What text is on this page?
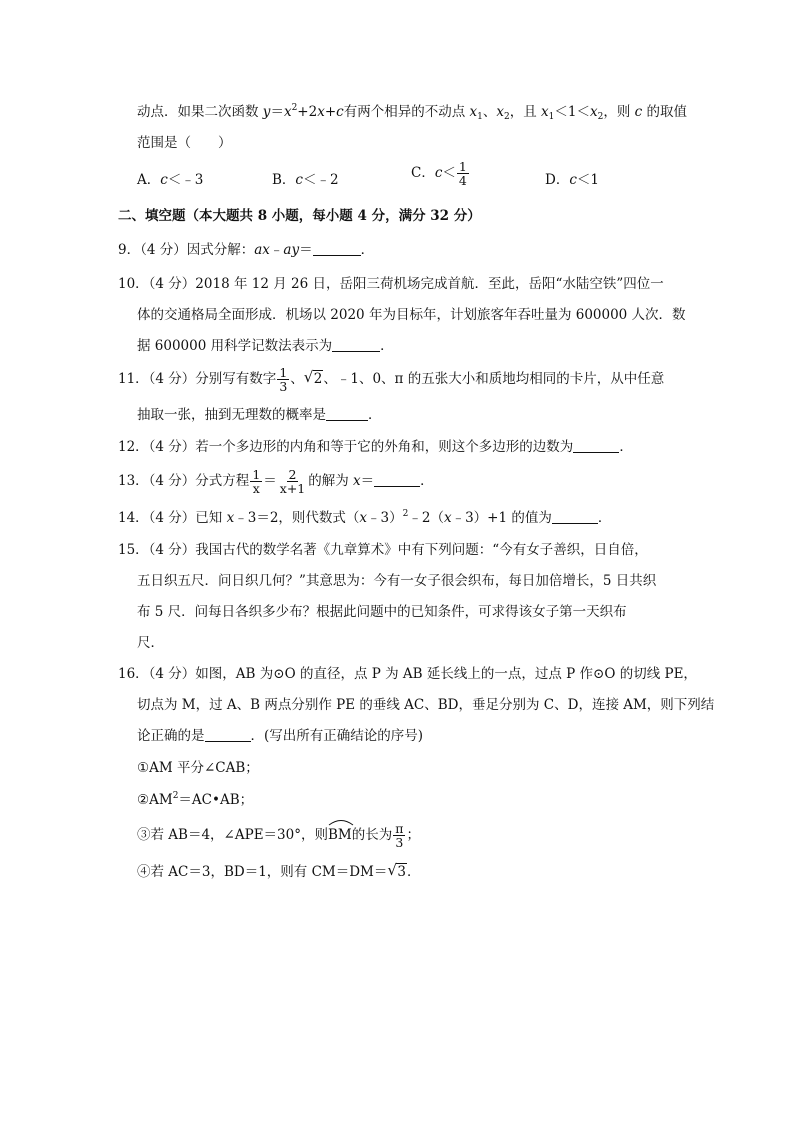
动点．如果二次函数 $y=x^2+2x+c$有两个相异的不动点 $x_1$、$x_2$，且 $x_1<1<x_2$，则 c 的取值
范围是（　　）
A．c＜﹣3	B．c＜﹣2	C．$c< \frac{1}{4}$	D．c＜1
二、填空题（本大题共 8 小题，每小题 4 分，满分 32 分）
9．（4 分）因式分解：ax﹣ay＝	．
10．（4 分）2018 年 12 月 26 日，岳阳三荷机场完成首航．至此，岳阳“水陆空铁”四位一
体的交通格局全面形成．机场以 2020 年为目标年，计划旅客年吞吐量为 600000 人次．数
据 600000 用科学记数法表示为	．
11．（4 分）分别写有数字 $\frac{1}{3}$ 、 √ 2、﹣1、0、π 的五张大小和质地均相同的卡片，从中任意
抽取一张，抽到无理数的概率是	．
12．（4 分）若一个多边形的内角和等于它的外角和，则这个多边形的边数为	．
13．（4 分）分式方程 $\frac{1}{x} = \frac{2}{x+1}$ 的解为 x＝	．
14．（4 分）已知 x﹣3＝2，则代数式（x﹣3）$^2$﹣2（x﹣3）+1 的值为	．
15．（4 分）我国古代的数学名著《九章算术》中有下列问题：“今有女子善织，日自倍，
五日织五尺．问日织几何？”其意思为：今有一女子很会织布，每日加倍增长，5 日共织
布 5 尺．问每日各织多少布？根据此问题中的已知条件，可求得该女子第一天织布
尺．
16．（4 分）如图，AB 为⊙O 的直径，点 P 为 AB 延长线上的一点，过点 P 作⊙O 的切线 PE，
切点为 M，过 A、B 两点分别作 PE 的垂线 AC、BD，垂足分别为 C、D，连接 AM，则下列结
论正确的是	．(写出所有正确结论的序号)
①AM 平分∠CAB；
$②AM^2=AC•AB$；
③若 AB＝4，∠APE＝30°，则
BM的长为 $\frac{\pi}{3}$ ；
④若 AC＝3，BD＝1，则有 CM＝DM＝ √ 3．
